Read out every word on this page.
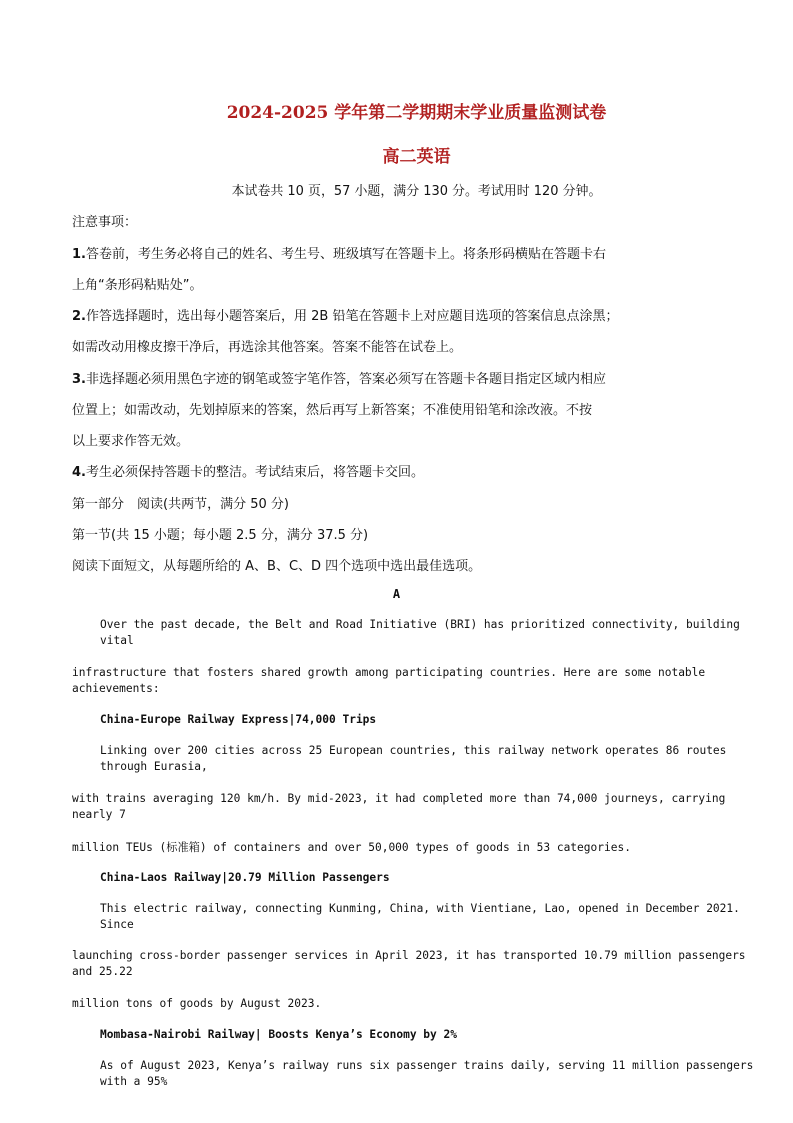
2024-2025 学年第二学期期末学业质量监测试卷
高二英语
本试卷共 10 页，57 小题，满分 130 分。考试用时 120 分钟。
注意事项：
1.答卷前，考生务必将自己的姓名、考生号、班级填写在答题卡上。将条形码横贴在答题卡右
上角“条形码粘贴处”。
2.作答选择题时，选出每小题答案后，用 2B 铅笔在答题卡上对应题目选项的答案信息点涂黑；
如需改动用橡皮擦干净后，再选涂其他答案。答案不能答在试卷上。
3.非选择题必须用黑色字迹的钢笔或签字笔作答，答案必须写在答题卡各题目指定区域内相应
位置上；如需改动，先划掉原来的答案，然后再写上新答案；不准使用铅笔和涂改液。不按
以上要求作答无效。
4.考生必须保持答题卡的整洁。考试结束后，将答题卡交回。
第一部分　阅读(共两节，满分 50 分)
第一节(共 15 小题；每小题 2.5 分，满分 37.5 分)
阅读下面短文，从每题所给的 A、B、C、D 四个选项中选出最佳选项。
A
Over the past decade, the Belt and Road Initiative (BRI) has prioritized connectivity, building
vital
infrastructure that fosters shared growth among participating countries. Here are some notable
achievements:
China-Europe Railway Express|74,000 Trips
Linking over 200 cities across 25 European countries, this railway network operates 86 routes
through Eurasia,
with trains averaging 120 km/h. By mid-2023, it had completed more than 74,000 journeys, carrying
nearly 7
million TEUs (标准箱) of containers and over 50,000 types of goods in 53 categories.
China-Laos Railway|20.79 Million Passengers
This electric railway, connecting Kunming, China, with Vientiane, Lao, opened in December 2021.
Since
launching cross-border passenger services in April 2023, it has transported 10.79 million passengers
and 25.22
million tons of goods by August 2023.
Mombasa-Nairobi Railway| Boosts Kenya’s Economy by 2%
As of August 2023, Kenya’s railway runs six passenger trains daily, serving 11 million passengers
with a 95%
